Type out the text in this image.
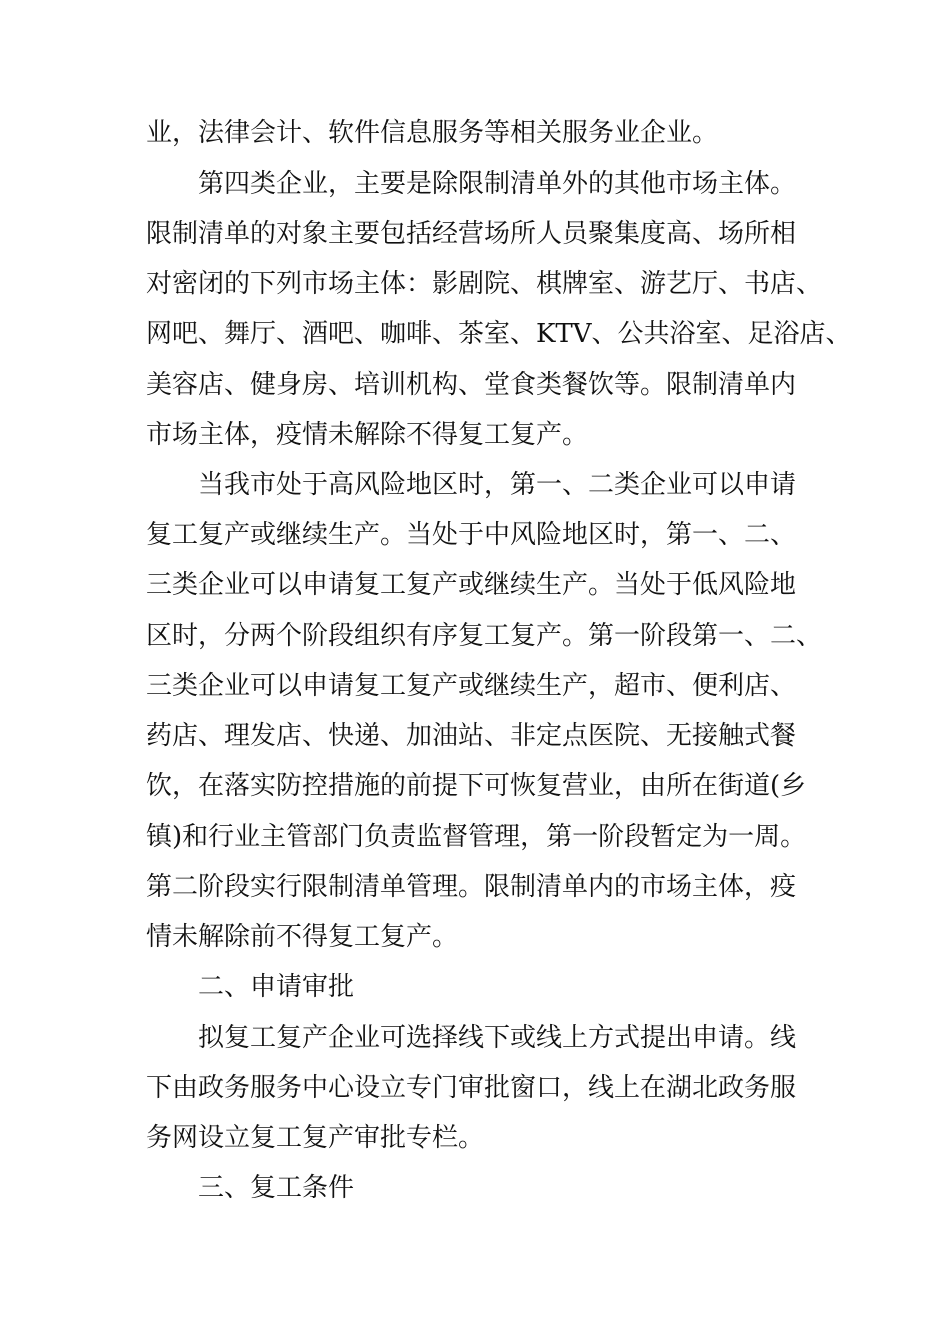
业，法律会计、软件信息服务等相关服务业企业。
第四类企业，主要是除限制清单外的其他市场主体。
限制清单的对象主要包括经营场所人员聚集度高、场所相
对密闭的下列市场主体：影剧院、棋牌室、游艺厅、书店、
网吧、舞厅、酒吧、咖啡、茶室、KTV、公共浴室、足浴店、
美容店、健身房、培训机构、堂食类餐饮等。限制清单内
市场主体，疫情未解除不得复工复产。
当我市处于高风险地区时，第一、二类企业可以申请
复工复产或继续生产。当处于中风险地区时，第一、二、
三类企业可以申请复工复产或继续生产。当处于低风险地
区时，分两个阶段组织有序复工复产。第一阶段第一、二、
三类企业可以申请复工复产或继续生产，超市、便利店、
药店、理发店、快递、加油站、非定点医院、无接触式餐
饮，在落实防控措施的前提下可恢复营业，由所在街道(乡
镇)和行业主管部门负责监督管理，第一阶段暂定为一周。
第二阶段实行限制清单管理。限制清单内的市场主体，疫
情未解除前不得复工复产。
二、申请审批
拟复工复产企业可选择线下或线上方式提出申请。线
下由政务服务中心设立专门审批窗口，线上在湖北政务服
务网设立复工复产审批专栏。
三、复工条件
